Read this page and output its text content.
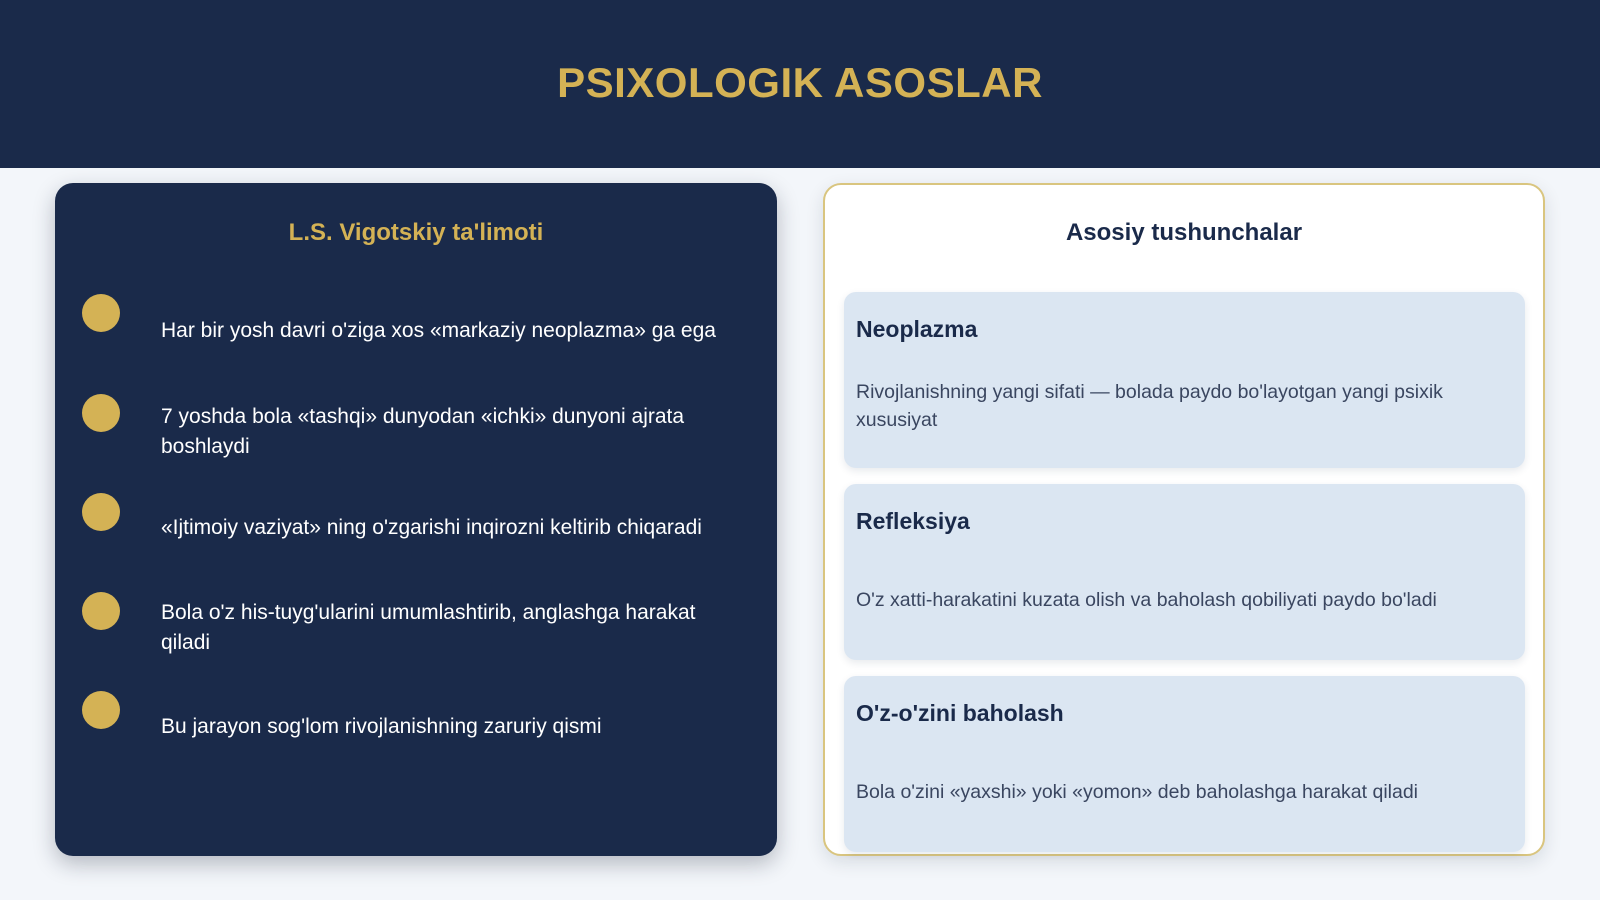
PSIXOLOGIK ASOSLAR
L.S. Vigotskiy ta'limoti
Har bir yosh davri o'ziga xos «markaziy neoplazma» ga ega
7 yoshda bola «tashqi» dunyodan «ichki» dunyoni ajrata boshlaydi
«Ijtimoiy vaziyat» ning o'zgarishi inqirozni keltirib chiqaradi
Bola o'z his-tuyg'ularini umumlashtirib, anglashga harakat qiladi
Bu jarayon sog'lom rivojlanishning zaruriy qismi
Asosiy tushunchalar
Neoplazma
Rivojlanishning yangi sifati — bolada paydo bo'layotgan yangi psixik xususiyat
Refleksiya
O'z xatti-harakatini kuzata olish va baholash qobiliyati paydo bo'ladi
O'z-o'zini baholash
Bola o'zini «yaxshi» yoki «yomon» deb baholashga harakat qiladi
